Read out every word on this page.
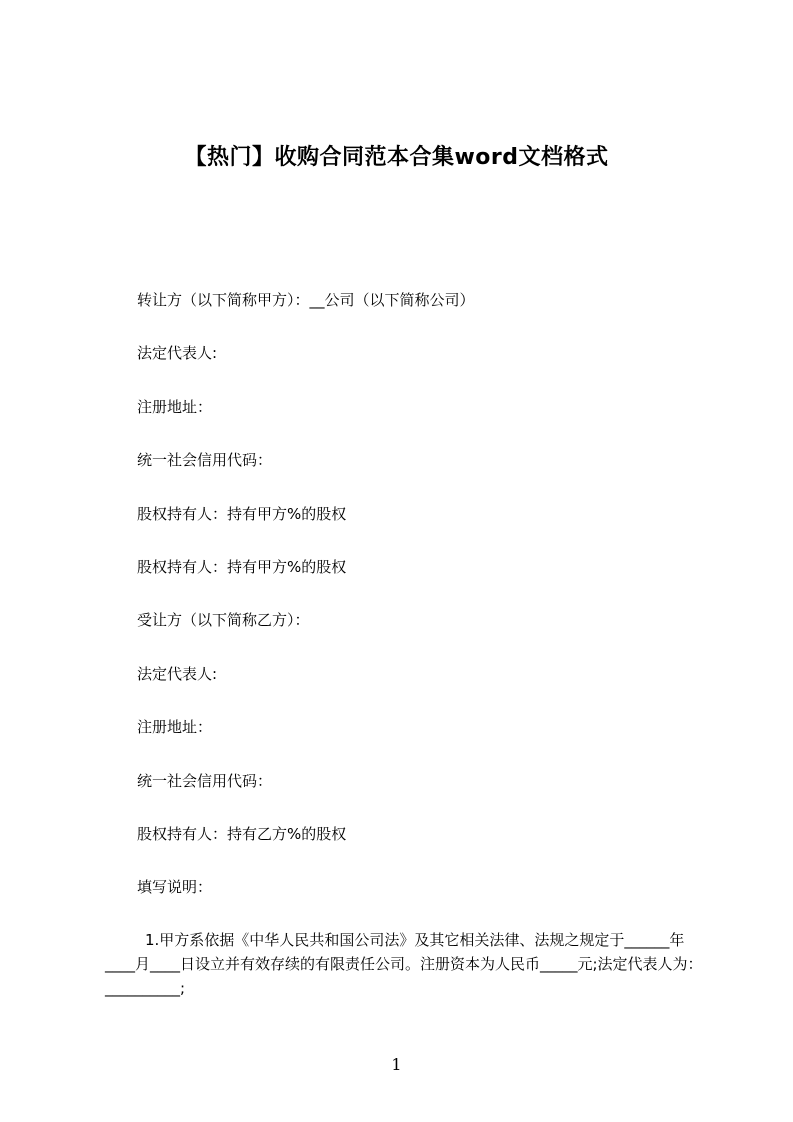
【热门】收购合同范本合集word文档格式
转让方（以下简称甲方）：__公司（以下简称公司）
法定代表人:
注册地址：
统一社会信用代码：
股权持有人：持有甲方%的股权
股权持有人：持有甲方%的股权
受让方（以下简称乙方）：
法定代表人:
注册地址：
统一社会信用代码：
股权持有人：持有乙方%的股权
填写说明：
1.甲方系依据《中华人民共和国公司法》及其它相关法律、法规之规定于______年____月____日设立并有效存续的有限责任公司。注册资本为人民币_____元;法定代表人为：__________;
1
